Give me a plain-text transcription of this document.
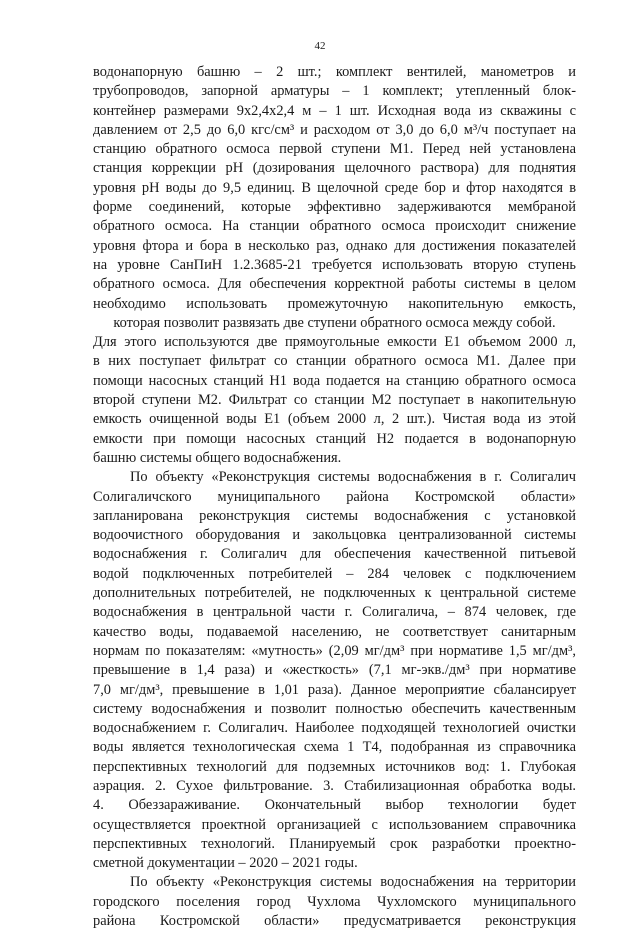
42
водонапорную башню – 2 шт.; комплект вентилей, манометров и
трубопроводов, запорной арматуры – 1 комплект; утепленный блок-
контейнер размерами 9х2,4х2,4 м – 1 шт. Исходная вода из скважины с
давлением от 2,5 до 6,0 кгс/см³ и расходом от 3,0 до 6,0 м³/ч поступает на
станцию обратного осмоса первой ступени М1. Перед ней установлена
станция коррекции pH (дозирования щелочного раствора) для поднятия
уровня pH воды до 9,5 единиц. В щелочной среде бор и фтор находятся в
форме соединений, которые эффективно задерживаются мембраной
обратного осмоса. На станции обратного осмоса происходит снижение
уровня фтора и бора в несколько раз, однако для достижения показателей
на уровне СанПиН 1.2.3685-21 требуется использовать вторую ступень
обратного осмоса. Для обеспечения корректной работы системы в целом
необходимо использовать промежуточную накопительную емкость,
которая позволит развязать две ступени обратного осмоса между собой.
Для этого используются две прямоугольные емкости Е1 объемом 2000 л,
в них поступает фильтрат со станции обратного осмоса М1. Далее при
помощи насосных станций Н1 вода подается на станцию обратного осмоса
второй ступени М2. Фильтрат со станции М2 поступает в накопительную
емкость очищенной воды Е1 (объем 2000 л, 2 шт.). Чистая вода из этой
емкости при помощи насосных станций Н2 подается в водонапорную
башню системы общего водоснабжения.
По объекту «Реконструкция системы водоснабжения в г. Солигалич
Солигаличского муниципального района Костромской области»
запланирована реконструкция системы водоснабжения с установкой
водоочистного оборудования и закольцовка централизованной системы
водоснабжения г. Солигалич для обеспечения качественной питьевой
водой подключенных потребителей – 284 человек с подключением
дополнительных потребителей, не подключенных к центральной системе
водоснабжения в центральной части г. Солигалича, – 874 человек, где
качество воды, подаваемой населению, не соответствует санитарным
нормам по показателям: «мутность» (2,09 мг/дм³ при нормативе 1,5 мг/дм³,
превышение в 1,4 раза) и «жесткость» (7,1 мг-экв./дм³ при нормативе
7,0 мг/дм³, превышение в 1,01 раза). Данное мероприятие сбалансирует
систему водоснабжения и позволит полностью обеспечить качественным
водоснабжением г. Солигалич. Наиболее подходящей технологией очистки
воды является технологическая схема 1 Т4, подобранная из справочника
перспективных технологий для подземных источников вод: 1. Глубокая
аэрация. 2. Сухое фильтрование. 3. Стабилизационная обработка воды.
4. Обеззараживание. Окончательный выбор технологии будет
осуществляется проектной организацией с использованием справочника
перспективных технологий. Планируемый срок разработки проектно-
сметной документации – 2020 – 2021 годы.
По объекту «Реконструкция системы водоснабжения на территории
городского поселения город Чухлома Чухломского муниципального
района Костромской области» предусматривается реконструкция
